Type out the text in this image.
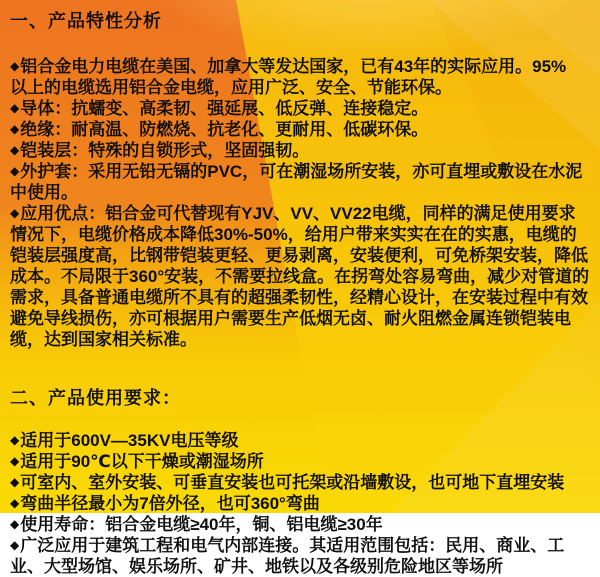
一、产品特性分析
◆铝合金电力电缆在美国、加拿大等发达国家，已有43年的实际应用。95%　以上的电缆选用铝合金电缆，应用广泛、安全、节能环保。
◆导体：抗蠕变、高柔韧、强延展、低反弹、连接稳定。
◆绝缘：耐高温、防燃烧、抗老化、更耐用、低碳环保。
◆铠装层：特殊的自锁形式，坚固强韧。
◆外护套：采用无铅无镉的PVC，可在潮湿场所安装，亦可直埋或敷设在水泥中使用。
◆应用优点：铝合金可代替现有YJV、VV、VV22电缆，同样的满足使用要求情况下，电缆价格成本降低30%-50%，给用户带来实实在在的实惠，电缆的铠装层强度高，比钢带铠装更轻、更易剥离，安装便利，可免桥架安装，降低成本。不局限于360°安装，不需要拉线盒。在拐弯处容易弯曲，减少对管道的需求，具备普通电缆所不具有的超强柔韧性，经精心设计，在安装过程中有效避免导线损伤，亦可根据用户需要生产低烟无卤、耐火阻燃金属连锁铠装电缆，达到国家相关标准。
二、产品使用要求：
◆适用于600V—35KV电压等级
◆适用于90℃以下干燥或潮湿场所
◆可室内、室外安装、可垂直安装也可托架或沿墙敷设，也可地下直埋安装
◆弯曲半径最小为7倍外径，也可360°弯曲
◆使用寿命：铝合金电缆≥40年，铜、铝电缆≥30年
◆广泛应用于建筑工程和电气内部连接。其适用范围包括：民用、商业、工业、大型场馆、娱乐场所、矿井、地铁以及各级别危险地区等场所
